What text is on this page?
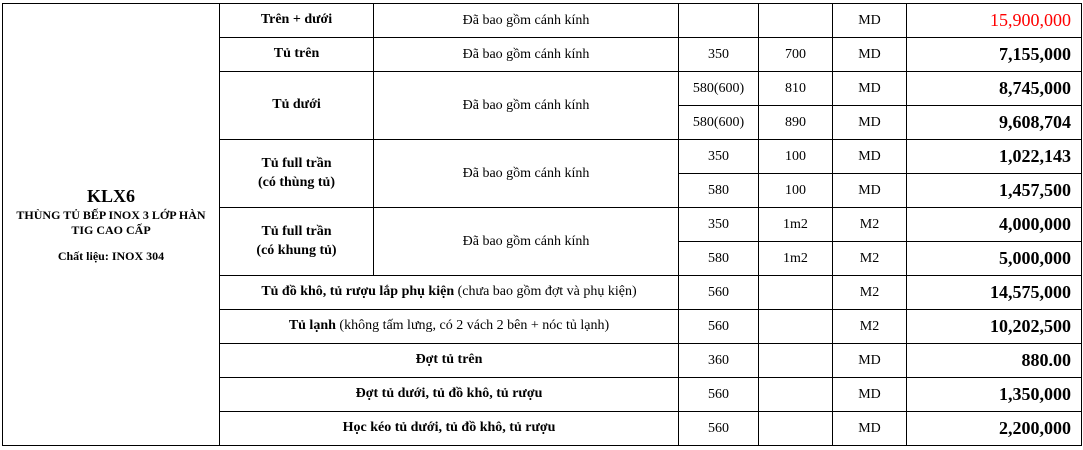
KLX6
THÙNG TỦ BẾP INOX 3 LỚP HÀN TIG CAO CẤP
Chất liệu: INOX 304	Trên + dưới	Đã bao gồm cánh kính			MD	15,900,000
	Tủ trên	Đã bao gồm cánh kính	350	700	MD	7,155,000
	Tủ dưới	Đã bao gồm cánh kính	580(600)	810	MD	8,745,000
			580(600)	890	MD	9,608,704
	Tủ full trần
(có thùng tủ)	Đã bao gồm cánh kính	350	100	MD	1,022,143
			580	100	MD	1,457,500
	Tủ full trần
(có khung tủ)	Đã bao gồm cánh kính	350	1m2	M2	4,000,000
			580	1m2	M2	5,000,000
	Tủ đồ khô, tủ rượu lắp phụ kiện (chưa bao gồm đợt và phụ kiện)		560		M2	14,575,000
	Tủ lạnh (không tấm lưng, có 2 vách 2 bên + nóc tủ lạnh)		560		M2	10,202,500
	Đợt tủ trên		360		MD	880.00
	Đợt tủ dưới, tủ đồ khô, tủ rượu		560		MD	1,350,000
	Học kéo tủ dưới, tủ đồ khô, tủ rượu		560		MD	2,200,000
